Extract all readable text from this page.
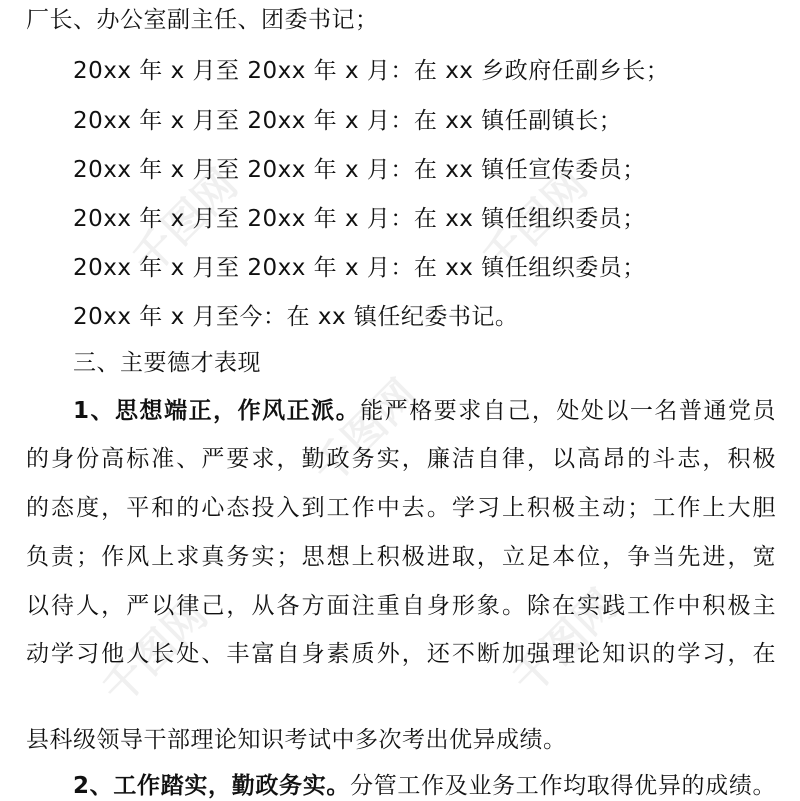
千图网	千图网
千图网
千图网	千图网
厂长、办公室副主任、团委书记；
20xx 年 x 月至 20xx 年 x 月：在 xx 乡政府任副乡长；
20xx 年 x 月至 20xx 年 x 月：在 xx 镇任副镇长；
20xx 年 x 月至 20xx 年 x 月：在 xx 镇任宣传委员；
20xx 年 x 月至 20xx 年 x 月：在 xx 镇任组织委员；
20xx 年 x 月至 20xx 年 x 月：在 xx 镇任组织委员；
20xx 年 x 月至今：在 xx 镇任纪委书记。
三、主要德才表现
1、思想端正，作风正派。能严格要求自己，处处以一名普通党员
的身份高标准、严要求，勤政务实，廉洁自律，以高昂的斗志，积极
的态度，平和的心态投入到工作中去。学习上积极主动；工作上大胆
负责；作风上求真务实；思想上积极进取，立足本位，争当先进，宽
以待人，严以律己，从各方面注重自身形象。除在实践工作中积极主
动学习他人长处、丰富自身素质外，还不断加强理论知识的学习，在
县科级领导干部理论知识考试中多次考出优异成绩。
2、工作踏实，勤政务实。分管工作及业务工作均取得优异的成绩。
